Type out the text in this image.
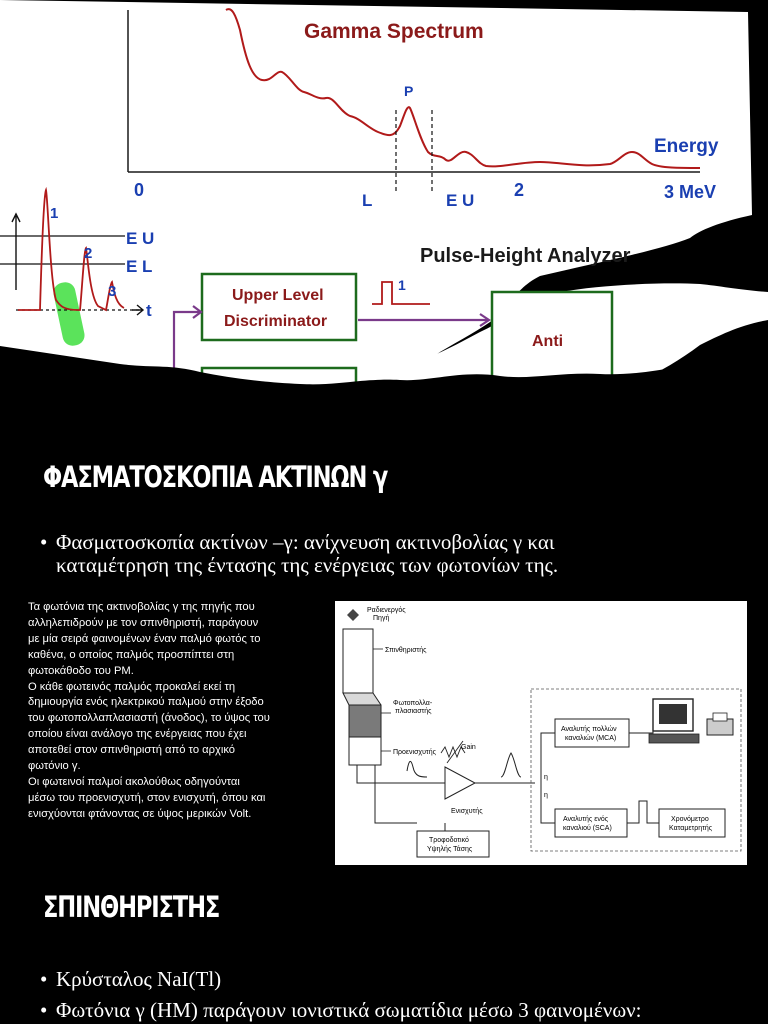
Gamma Spectrum
P
Energy
0	2	3 MeV
L	E U
1
2
3
E U
E L
t
Pulse-Height Analyzer
Upper Level
Discriminator
1
Anti
ΦΑΣΜΑΤΟΣΚΟΠΙΑ ΑΚΤΙΝΩΝ γ
• Φασματοσκοπία ακτίνων –γ: ανίχνευση ακτινοβολίας γ και
καταμέτρηση της έντασης της ενέργειας των φωτονίων της.
Τα φωτόνια της ακτινοβολίας γ της πηγής που
αλληλεπιδρούν με τον σπινθηριστή, παράγουν
με μία σειρά φαινομένων έναν παλμό φωτός το
καθένα, ο οποίος παλμός προσπίπτει στη
φωτοκάθοδο του PM.
Ο κάθε φωτεινός παλμός προκαλεί εκεί τη
δημιουργία ενός ηλεκτρικού παλμού στην έξοδο
του φωτοπολλαπλασιαστή (άνοδος), το ύψος του
οποίου είναι ανάλογο της ενέργειας που έχει
αποτεθεί στον σπινθηριστή από το αρχικό
φωτόνιο γ.
Οι φωτεινοί παλμοί ακολούθως οδηγούνται
μέσω του προενισχυτή, στον ενισχυτή, όπου και
ενισχύονται φτάνοντας σε ύψος μερικών Volt.
Ραδιενεργός
Πηγή
Σπινθηριστής
Φωτοπολλα-
πλασιαστής
Προενισχυτής
Τροφοδοτικό
Υψηλής Τάσης
Gain
Ενισχυτής
η
η
Αναλυτής πολλών
καναλιών (MCA)
Αναλυτής ενός
καναλιού (SCA)
Χρονόμετρο
Καταμετρητής
ΣΠΙΝΘΗΡΙΣΤΗΣ
• Κρύσταλος NaI(Tl)
• Φωτόνια γ (ΗΜ) παράγουν ιονιστικά σωματίδια μέσω 3 φαινομένων:
